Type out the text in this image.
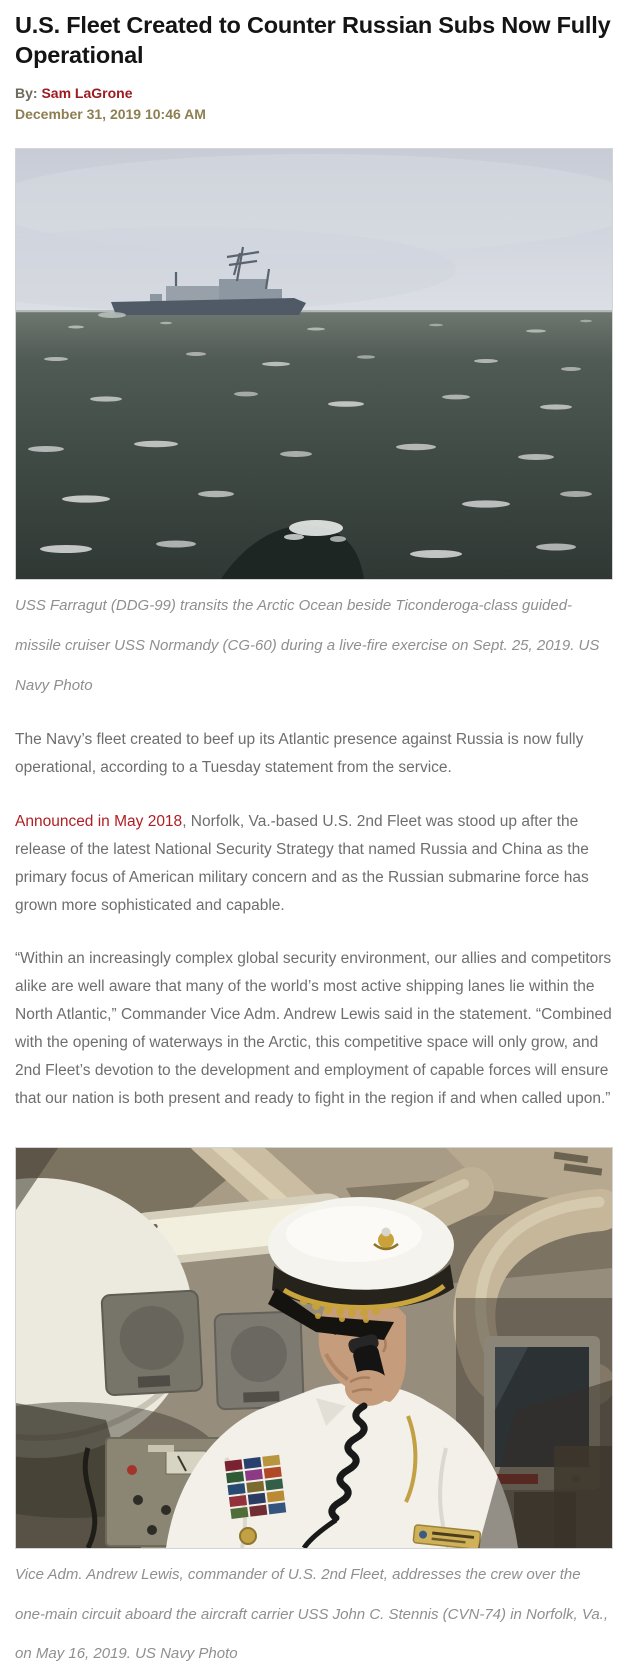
U.S. Fleet Created to Counter Russian Subs Now Fully Operational

By: Sam LaGrone

December 31, 2019 10:46 AM

USS Farragut (DDG-99) transits the Arctic Ocean beside Ticonderoga-class guided-missile cruiser USS Normandy (CG-60) during a live-fire exercise on Sept. 25, 2019. US Navy Photo

The Navy’s fleet created to beef up its Atlantic presence against Russia is now fully operational, according to a Tuesday statement from the service.

Announced in May 2018, Norfolk, Va.-based U.S. 2nd Fleet was stood up after the release of the latest National Security Strategy that named Russia and China as the primary focus of American military concern and as the Russian submarine force has grown more sophisticated and capable.

“Within an increasingly complex global security environment, our allies and competitors alike are well aware that many of the world’s most active shipping lanes lie within the North Atlantic,” Commander Vice Adm. Andrew Lewis said in the statement. “Combined with the opening of waterways in the Arctic, this competitive space will only grow, and 2nd Fleet’s devotion to the development and employment of capable forces will ensure that our nation is both present and ready to fight in the region if and when called upon.”

Vice Adm. Andrew Lewis, commander of U.S. 2nd Fleet, addresses the crew over the one-main circuit aboard the aircraft carrier USS John C. Stennis (CVN-74) in Norfolk, Va., on May 16, 2019. US Navy Photo
